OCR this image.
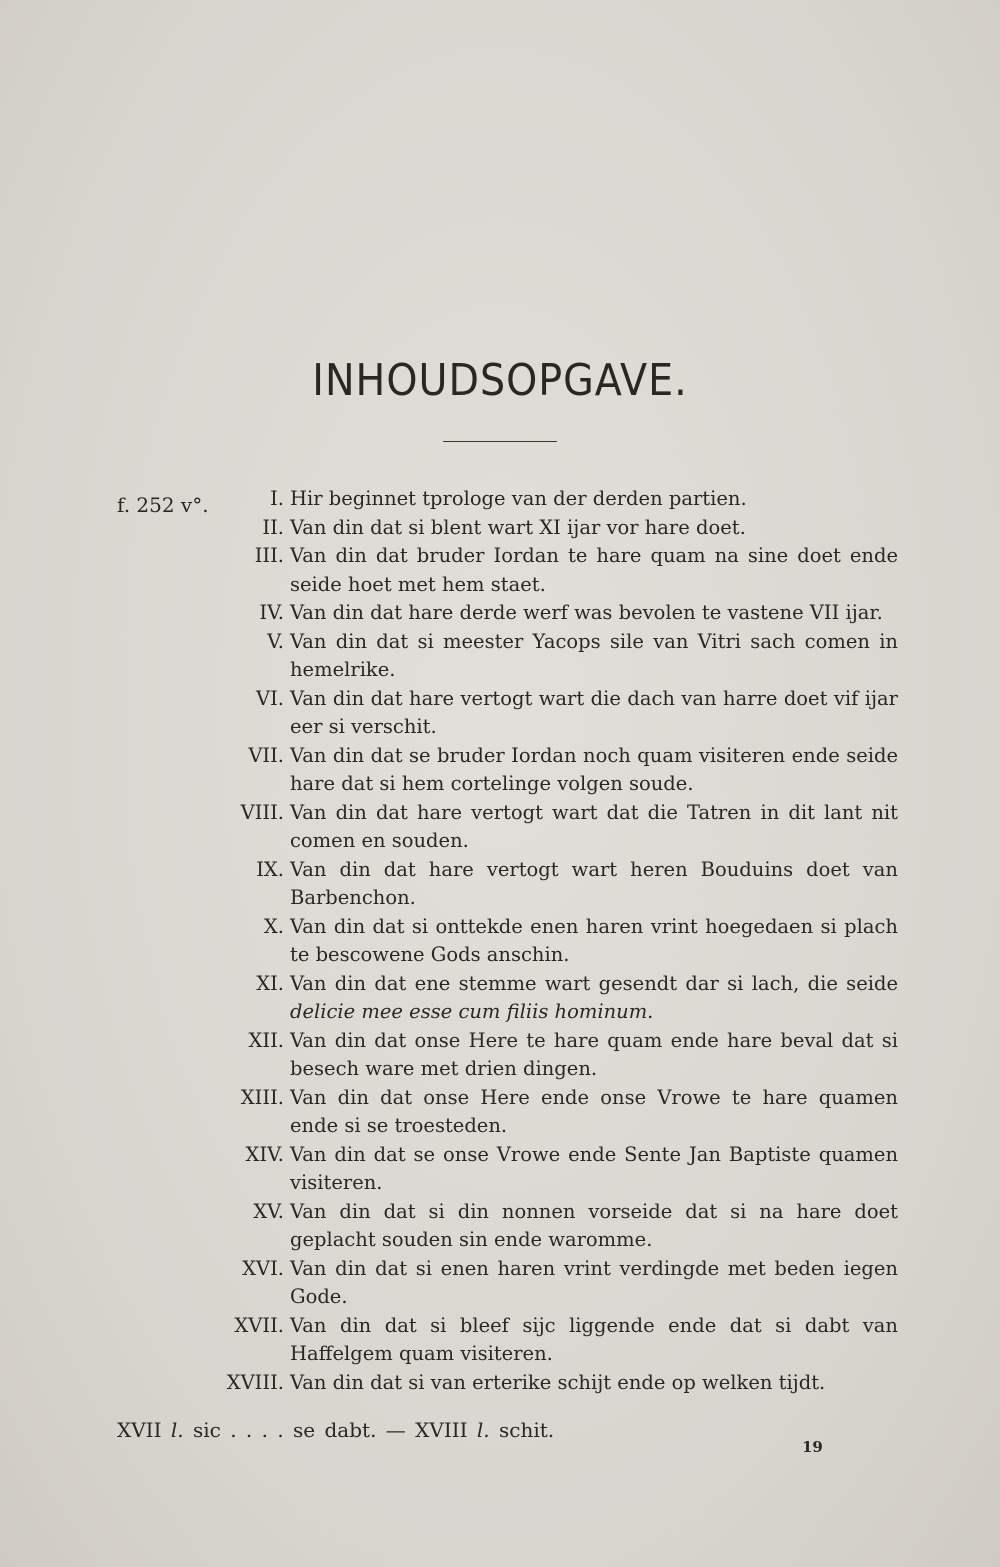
INHOUDSOPGAVE.
f. 252 v°.	I. Hir beginnet tprologe van der derden partien.
II. Van din dat si blent wart XI ijar vor hare doet.
III. Van din dat bruder Iordan te hare quam na sine doet ende seide hoet met hem staet.
IV. Van din dat hare derde werf was bevolen te vastene VII ijar.
V. Van din dat si meester Yacops sile van Vitri sach comen in hemelrike.
VI. Van din dat hare vertogt wart die dach van harre doet vif ijar eer si verschit.
VII. Van din dat se bruder Iordan noch quam visiteren ende seide hare dat si hem cortelinge volgen soude.
VIII. Van din dat hare vertogt wart dat die Tatren in dit lant nit comen en souden.
IX. Van din dat hare vertogt wart heren Bouduins doet van Barbenchon.
X. Van din dat si onttekde enen haren vrint hoegedaen si plach te bescowene Gods anschin.
XI. Van din dat ene stemme wart gesendt dar si lach, die seide delicie mee esse cum filiis hominum.
XII. Van din dat onse Here te hare quam ende hare beval dat si besech ware met drien dingen.
XIII. Van din dat onse Here ende onse Vrowe te hare quamen ende si se troesteden.
XIV. Van din dat se onse Vrowe ende Sente Jan Baptiste quamen visiteren.
XV. Van din dat si din nonnen vorseide dat si na hare doet geplacht souden sin ende waromme.
XVI. Van din dat si enen haren vrint verdingde met beden iegen Gode.
XVII. Van din dat si bleef sijc liggende ende dat si dabt van Haffelgem quam visiteren.
XVIII. Van din dat si van erterike schijt ende op welken tijdt.
XVII l. sic . . . . se dabt. — XVIII l. schit.
19
